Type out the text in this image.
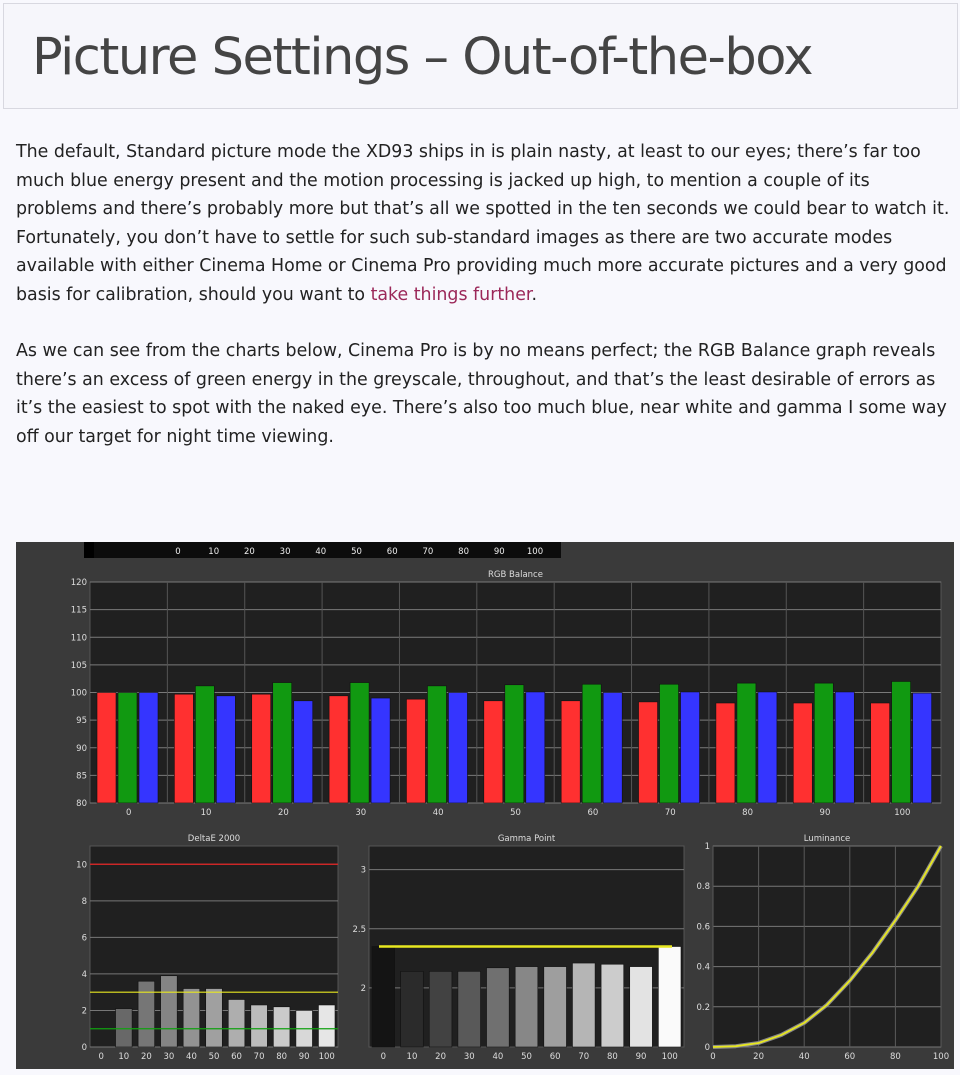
Picture Settings – Out-of-the-box

The default, Standard picture mode the XD93 ships in is plain nasty, at least to our eyes; there’s far too much blue energy present and the motion processing is jacked up high, to mention a couple of its problems and there’s probably more but that’s all we spotted in the ten seconds we could bear to watch it. Fortunately, you don’t have to settle for such sub-standard images as there are two accurate modes available with either Cinema Home or Cinema Pro providing much more accurate pictures and a very good basis for calibration, should you want to take things further.

As we can see from the charts below, Cinema Pro is by no means perfect; the RGB Balance graph reveals there’s an excess of green energy in the greyscale, throughout, and that’s the least desirable of errors as it’s the easiest to spot with the naked eye. There’s also too much blue, near white and gamma I some way off our target for night time viewing.

0	10	20	30	40	50	60	70	80	90	100
RGB Balance
80
85
90
95
100
105
110
115
120
0	10	20	30	40	50	60	70	80	90	100
DeltaE 2000
0
2
4
6
8
10
0 10 20 30 40 50 60 70 80 90 100
Gamma Point
2
2.5
3
0 10 20 30 40 50 60 70 80 90 100
Luminance
0
0.2
0.4
0.6
0.8
1
0	20	40	60	80	100
